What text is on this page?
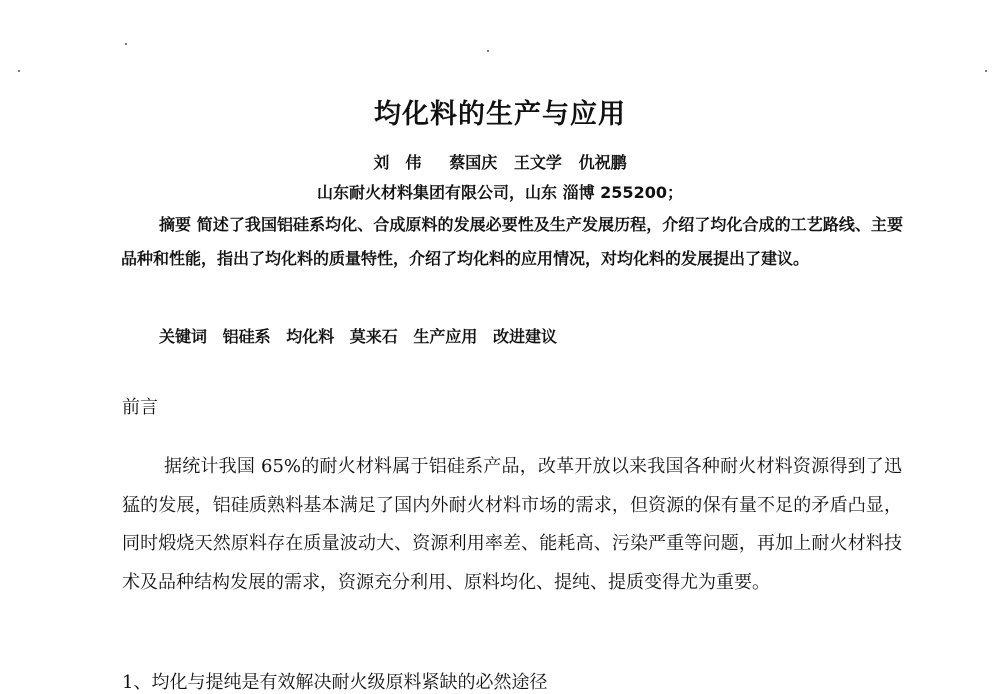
均化料的生产与应用
刘　伟 蔡国庆 王文学 仇祝鹏
山东耐火材料集团有限公司，山东 淄博 255200；
摘要 简述了我国铝硅系均化、合成原料的发展必要性及生产发展历程，介绍了均化合成的工艺路线、主要品种和性能，指出了均化料的质量特性，介绍了均化料的应用情况，对均化料的发展提出了建议。
关键词 铝硅系 均化料 莫来石 生产应用 改进建议
前言
据统计我国 65%的耐火材料属于铝硅系产品，改革开放以来我国各种耐火材料资源得到了迅猛的发展，铝硅质熟料基本满足了国内外耐火材料市场的需求，但资源的保有量不足的矛盾凸显，同时煅烧天然原料存在质量波动大、资源利用率差、能耗高、污染严重等问题，再加上耐火材料技术及品种结构发展的需求，资源充分利用、原料均化、提纯、提质变得尤为重要。
1、均化与提纯是有效解决耐火级原料紧缺的必然途径
